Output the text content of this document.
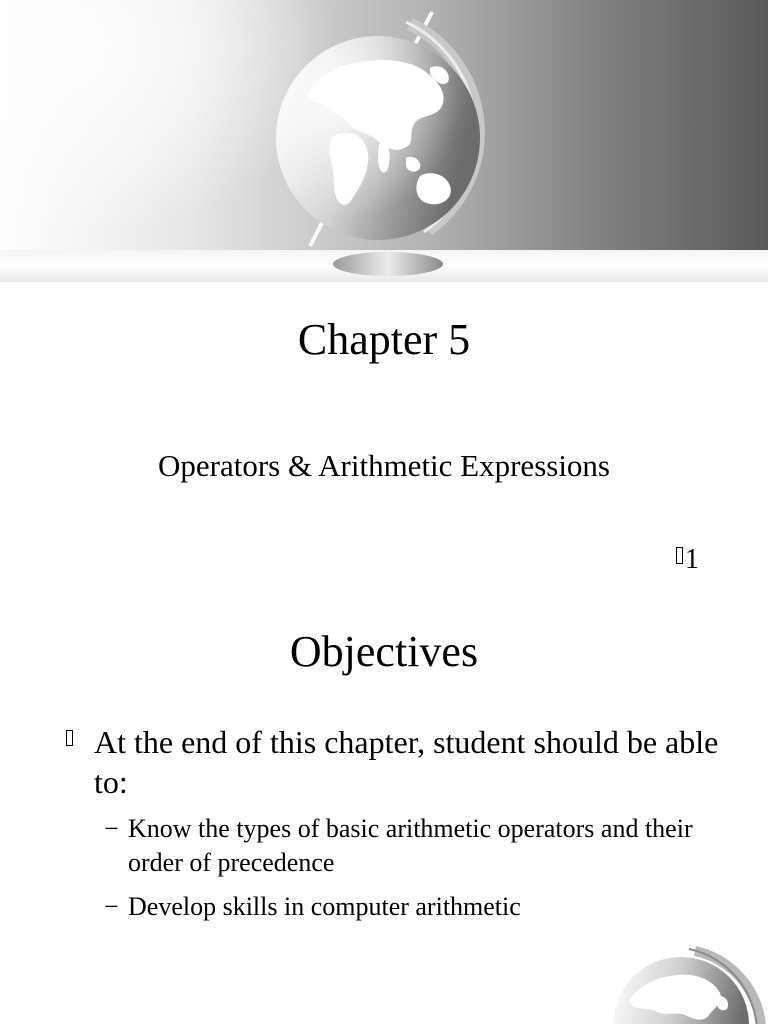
Chapter 5
Operators & Arithmetic Expressions
1
Objectives
At the end of this chapter, student should be able to:
− Know the types of basic arithmetic operators and their order of precedence
− Develop skills in computer arithmetic
